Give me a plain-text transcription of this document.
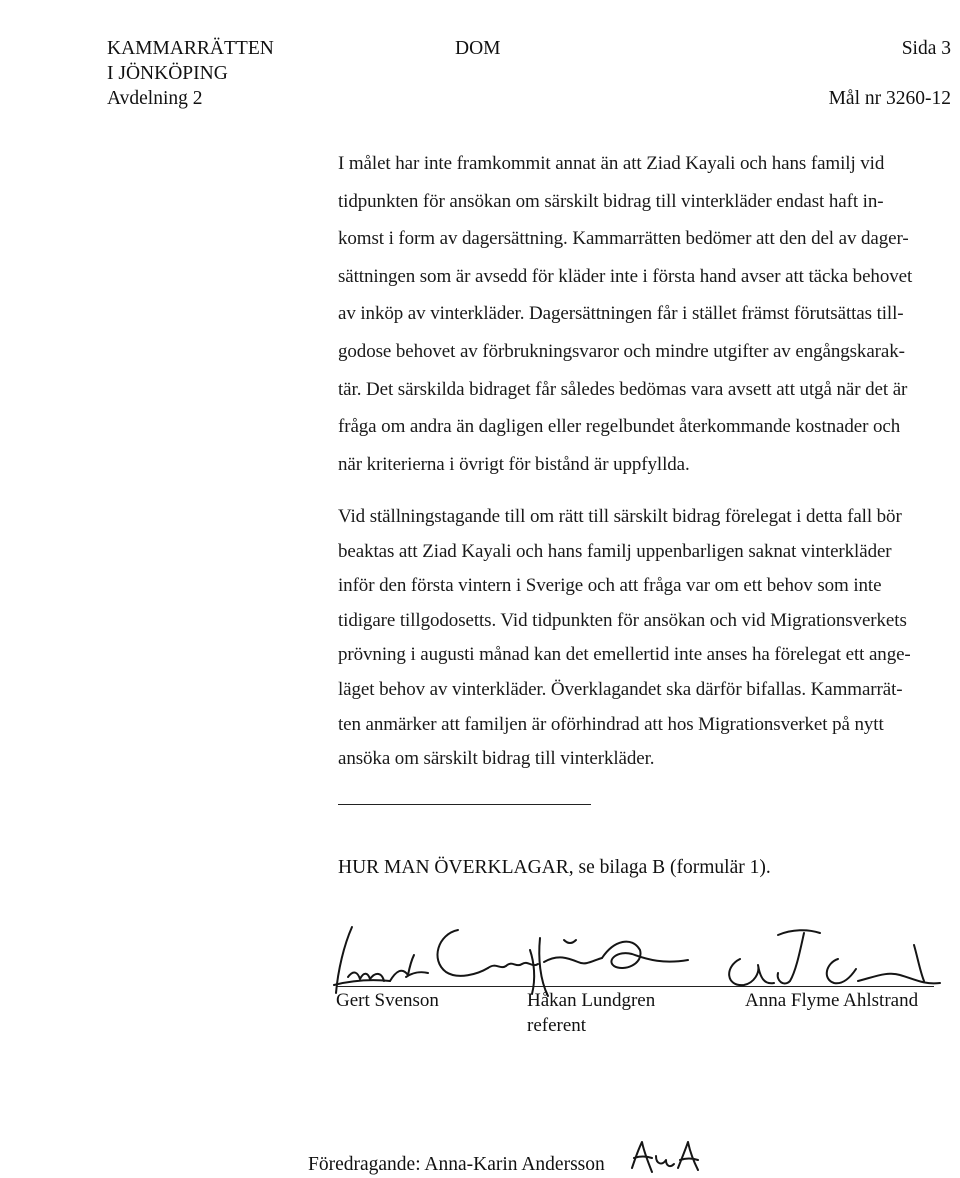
KAMMARRÄTTEN
I JÖNKÖPING
Avdelning 2
DOM	Sida 3
Mål nr 3260-12
I målet har inte framkommit annat än att Ziad Kayali och hans familj vid
tidpunkten för ansökan om särskilt bidrag till vinterkläder endast haft in-
komst i form av dagersättning. Kammarrätten bedömer att den del av dager-
sättningen som är avsedd för kläder inte i första hand avser att täcka behovet
av inköp av vinterkläder. Dagersättningen får i stället främst förutsättas till-
godose behovet av förbrukningsvaror och mindre utgifter av engångskarak-
tär. Det särskilda bidraget får således bedömas vara avsett att utgå när det är
fråga om andra än dagligen eller regelbundet återkommande kostnader och
när kriterierna i övrigt för bistånd är uppfyllda.
Vid ställningstagande till om rätt till särskilt bidrag förelegat i detta fall bör
beaktas att Ziad Kayali och hans familj uppenbarligen saknat vinterkläder
inför den första vintern i Sverige och att fråga var om ett behov som inte
tidigare tillgodosetts. Vid tidpunkten för ansökan och vid Migrationsverkets
prövning i augusti månad kan det emellertid inte anses ha förelegat ett ange-
läget behov av vinterkläder. Överklagandet ska därför bifallas. Kammarrät-
ten anmärker att familjen är oförhindrad att hos Migrationsverket på nytt
ansöka om särskilt bidrag till vinterkläder.
HUR MAN ÖVERKLAGAR, se bilaga B (formulär 1).
Gert Svenson	Håkan Lundgren
referent
Anna Flyme Ahlstrand
Föredragande: Anna-Karin Andersson
